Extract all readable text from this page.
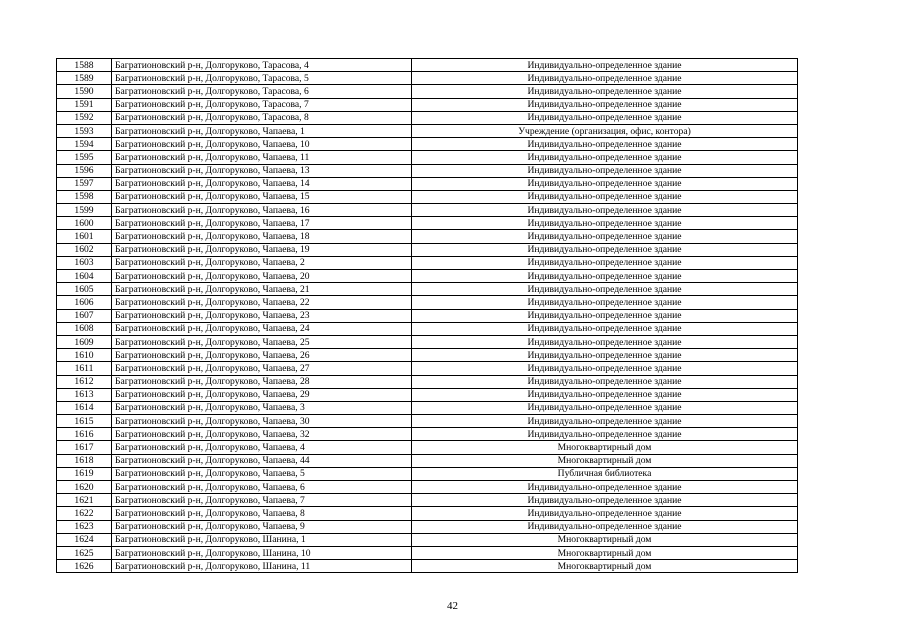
1588	Багратионовский р-н, Долгоруково, Тарасова, 4	Индивидуально-определенное здание
1589	Багратионовский р-н, Долгоруково, Тарасова, 5	Индивидуально-определенное здание
1590	Багратионовский р-н, Долгоруково, Тарасова, 6	Индивидуально-определенное здание
1591	Багратионовский р-н, Долгоруково, Тарасова, 7	Индивидуально-определенное здание
1592	Багратионовский р-н, Долгоруково, Тарасова, 8	Индивидуально-определенное здание
1593	Багратионовский р-н, Долгоруково, Чапаева, 1	Учреждение (организация, офис, контора)
1594	Багратионовский р-н, Долгоруково, Чапаева, 10	Индивидуально-определенное здание
1595	Багратионовский р-н, Долгоруково, Чапаева, 11	Индивидуально-определенное здание
1596	Багратионовский р-н, Долгоруково, Чапаева, 13	Индивидуально-определенное здание
1597	Багратионовский р-н, Долгоруково, Чапаева, 14	Индивидуально-определенное здание
1598	Багратионовский р-н, Долгоруково, Чапаева, 15	Индивидуально-определенное здание
1599	Багратионовский р-н, Долгоруково, Чапаева, 16	Индивидуально-определенное здание
1600	Багратионовский р-н, Долгоруково, Чапаева, 17	Индивидуально-определенное здание
1601	Багратионовский р-н, Долгоруково, Чапаева, 18	Индивидуально-определенное здание
1602	Багратионовский р-н, Долгоруково, Чапаева, 19	Индивидуально-определенное здание
1603	Багратионовский р-н, Долгоруково, Чапаева, 2	Индивидуально-определенное здание
1604	Багратионовский р-н, Долгоруково, Чапаева, 20	Индивидуально-определенное здание
1605	Багратионовский р-н, Долгоруково, Чапаева, 21	Индивидуально-определенное здание
1606	Багратионовский р-н, Долгоруково, Чапаева, 22	Индивидуально-определенное здание
1607	Багратионовский р-н, Долгоруково, Чапаева, 23	Индивидуально-определенное здание
1608	Багратионовский р-н, Долгоруково, Чапаева, 24	Индивидуально-определенное здание
1609	Багратионовский р-н, Долгоруково, Чапаева, 25	Индивидуально-определенное здание
1610	Багратионовский р-н, Долгоруково, Чапаева, 26	Индивидуально-определенное здание
1611	Багратионовский р-н, Долгоруково, Чапаева, 27	Индивидуально-определенное здание
1612	Багратионовский р-н, Долгоруково, Чапаева, 28	Индивидуально-определенное здание
1613	Багратионовский р-н, Долгоруково, Чапаева, 29	Индивидуально-определенное здание
1614	Багратионовский р-н, Долгоруково, Чапаева, 3	Индивидуально-определенное здание
1615	Багратионовский р-н, Долгоруково, Чапаева, 30	Индивидуально-определенное здание
1616	Багратионовский р-н, Долгоруково, Чапаева, 32	Индивидуально-определенное здание
1617	Багратионовский р-н, Долгоруково, Чапаева, 4	Многоквартирный дом
1618	Багратионовский р-н, Долгоруково, Чапаева, 44	Многоквартирный дом
1619	Багратионовский р-н, Долгоруково, Чапаева, 5	Публичная библиотека
1620	Багратионовский р-н, Долгоруково, Чапаева, 6	Индивидуально-определенное здание
1621	Багратионовский р-н, Долгоруково, Чапаева, 7	Индивидуально-определенное здание
1622	Багратионовский р-н, Долгоруково, Чапаева, 8	Индивидуально-определенное здание
1623	Багратионовский р-н, Долгоруково, Чапаева, 9	Индивидуально-определенное здание
1624	Багратионовский р-н, Долгоруково, Шанина, 1	Многоквартирный дом
1625	Багратионовский р-н, Долгоруково, Шанина, 10	Многоквартирный дом
1626	Багратионовский р-н, Долгоруково, Шанина, 11	Многоквартирный дом
42
